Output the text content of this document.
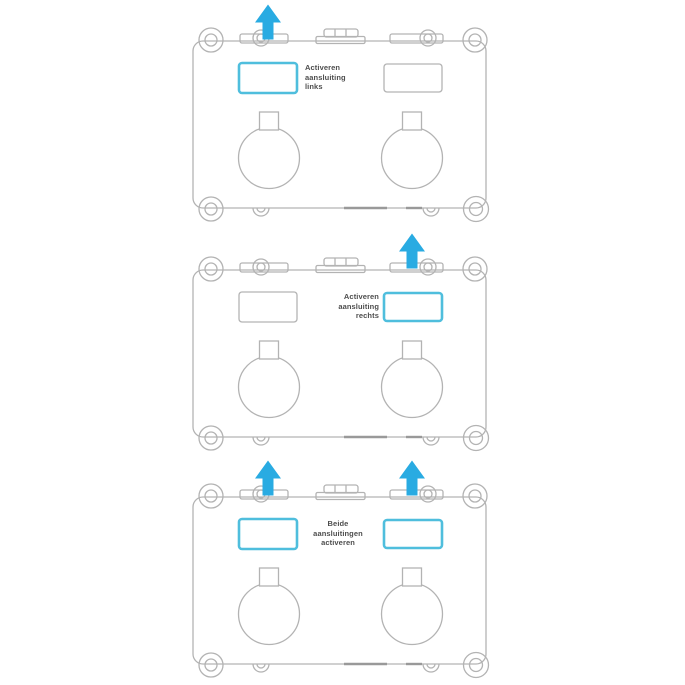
Activeren
aansluiting
links
Activeren
aansluiting
rechts
Beide
aansluitingen
activeren
